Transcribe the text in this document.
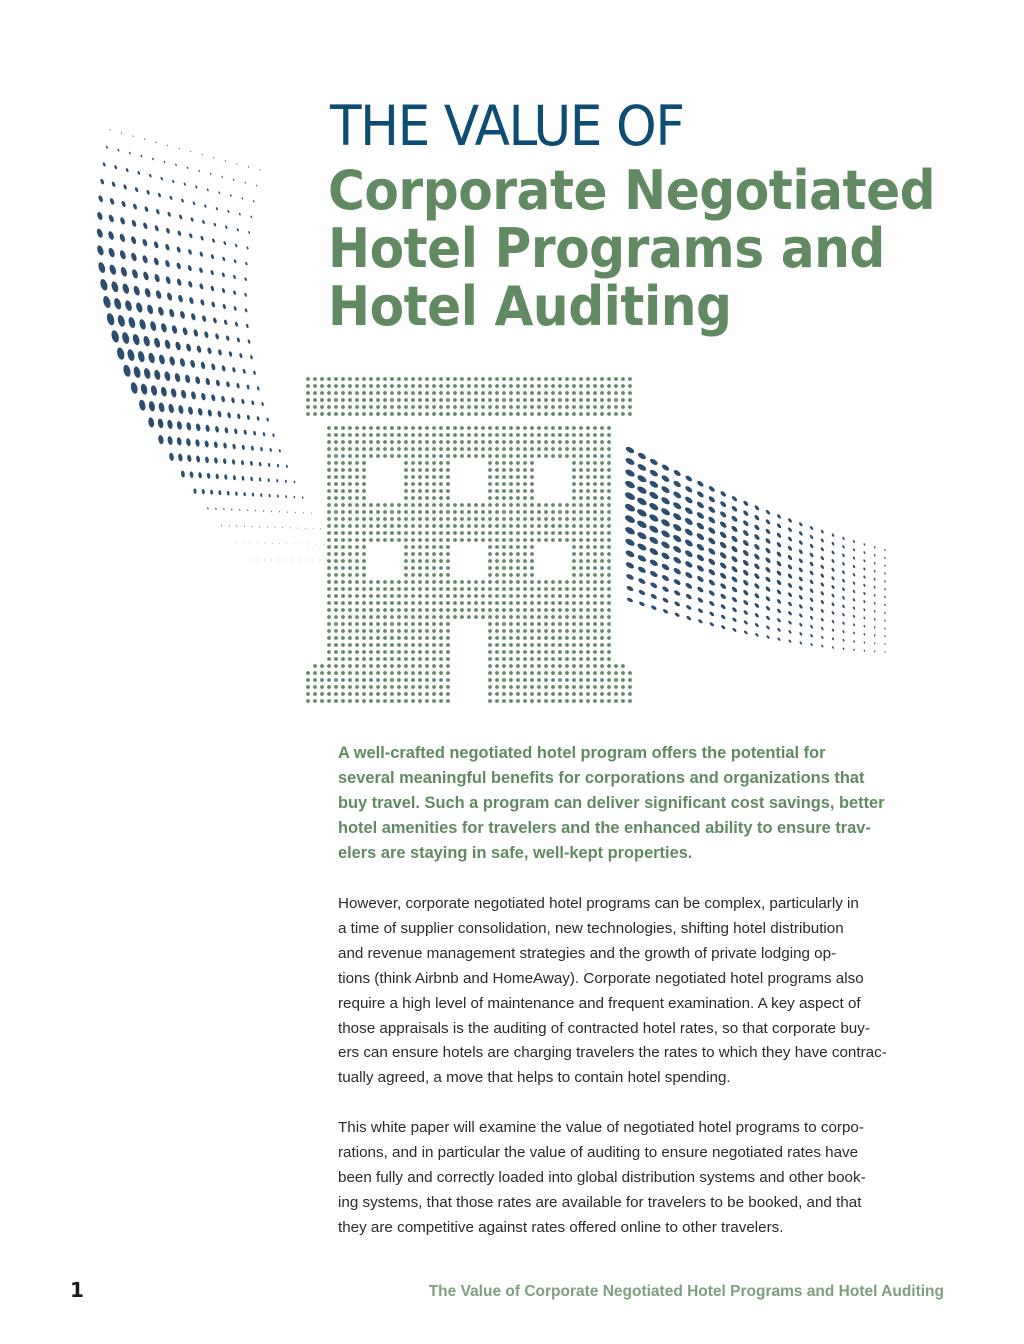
THE VALUE OF
Corporate Negotiated
Hotel Programs and
Hotel Auditing
A well-crafted negotiated hotel program offers the potential for
several meaningful benefits for corporations and organizations that
buy travel. Such a program can deliver significant cost savings, better
hotel amenities for travelers and the enhanced ability to ensure trav-
elers are staying in safe, well-kept properties.
However, corporate negotiated hotel programs can be complex, particularly in
a time of supplier consolidation, new technologies, shifting hotel distribution
and revenue management strategies and the growth of private lodging op-
tions (think Airbnb and HomeAway). Corporate negotiated hotel programs also
require a high level of maintenance and frequent examination. A key aspect of
those appraisals is the auditing of contracted hotel rates, so that corporate buy-
ers can ensure hotels are charging travelers the rates to which they have contrac-
tually agreed, a move that helps to contain hotel spending.
This white paper will examine the value of negotiated hotel programs to corpo-
rations, and in particular the value of auditing to ensure negotiated rates have
been fully and correctly loaded into global distribution systems and other book-
ing systems, that those rates are available for travelers to be booked, and that
they are competitive against rates offered online to other travelers.
1	The Value of Corporate Negotiated Hotel Programs and Hotel Auditing
